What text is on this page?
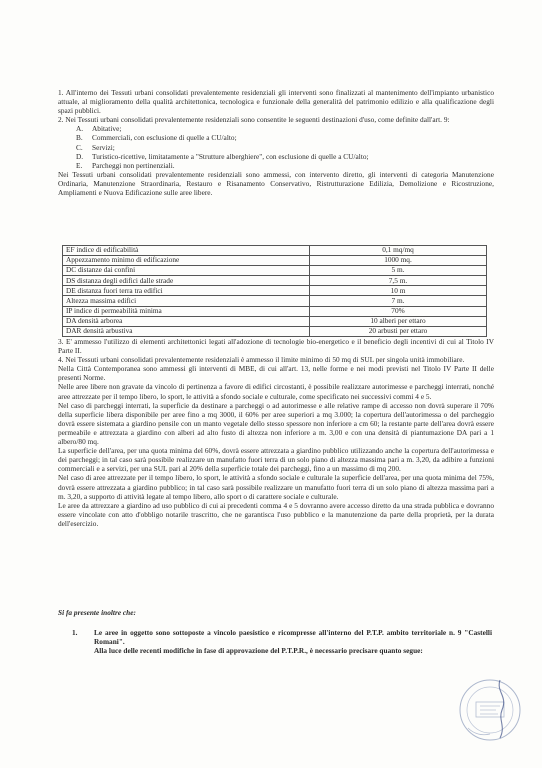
1. All'interno dei Tessuti urbani consolidati prevalentemente residenziali gli interventi sono finalizzati al mantenimento dell'impianto urbanistico attuale, al miglioramento della qualità architettonica, tecnologica e funzionale della generalità del patrimonio edilizio e alla qualificazione degli spazi pubblici.

2. Nei Tessuti urbani consolidati prevalentemente residenziali sono consentite le seguenti destinazioni d'uso, come definite dall'art. 9:

A.	Abitative;
B.	Commerciali, con esclusione di quelle a CU/alto;
C.	Servizi;
D.	Turistico-ricettive, limitatamente a "Strutture alberghiere", con esclusione di quelle a CU/alto;
E.	Parcheggi non pertinenziali.

Nei Tessuti urbani consolidati prevalentemente residenziali sono ammessi, con intervento diretto, gli interventi di categoria Manutenzione Ordinaria, Manutenzione Straordinaria, Restauro e Risanamento Conservativo, Ristrutturazione Edilizia, Demolizione e Ricostruzione, Ampliamenti e Nuova Edificazione sulle aree libere.

EF indice di edificabilità	0,1 mq/mq
Appezzamento minimo di edificazione	1000 mq.
DC distanze dai confini	5 m.
DS distanza degli edifici dalle strade	7,5 m.
DE distanza fuori terra tra edifici	10 m
Altezza massima edifici	7 m.
IP indice di permeabilità minima	70%
DA densità arborea	10 alberi per ettaro
DAR densità arbustiva	20 arbusti per ettaro

3. E' ammesso l'utilizzo di elementi architettonici legati all'adozione di tecnologie bio-energetico e il beneficio degli incentivi di cui al Titolo IV Parte II.

4. Nei Tessuti urbani consolidati prevalentemente residenziali è ammesso il limite minimo di 50 mq di SUL per singola unità immobiliare.

Nella Città Contemporanea sono ammessi gli interventi di MBE, di cui all'art. 13, nelle forme e nei modi previsti nel Titolo IV Parte II delle presenti Norme.

Nelle aree libere non gravate da vincolo di pertinenza a favore di edifici circostanti, è possibile realizzare autorimesse e parcheggi interrati, nonché aree attrezzate per il tempo libero, lo sport, le attività a sfondo sociale e culturale, come specificato nei successivi commi 4 e 5.

Nel caso di parcheggi interrati, la superficie da destinare a parcheggi o ad autorimesse e alle relative rampe di accesso non dovrà superare il 70% della superficie libera disponibile per aree fino a mq 3000, il 60% per aree superiori a mq 3.000; la copertura dell'autorimessa o del parcheggio dovrà essere sistemata a giardino pensile con un manto vegetale dello stesso spessore non inferiore a cm 60; la restante parte dell'area dovrà essere permeabile e attrezzata a giardino con alberi ad alto fusto di altezza non inferiore a m. 3,00 e con una densità di piantumazione DA pari a 1 albero/80 mq.

La superficie dell'area, per una quota minima del 60%, dovrà essere attrezzata a giardino pubblico utilizzando anche la copertura dell'autorimessa e dei parcheggi; in tal caso sarà possibile realizzare un manufatto fuori terra di un solo piano di altezza massima pari a m. 3,20, da adibire a funzioni commerciali e a servizi, per una SUL pari al 20% della superficie totale dei parcheggi, fino a un massimo di mq 200.

Nel caso di aree attrezzate per il tempo libero, lo sport, le attività a sfondo sociale e culturale la superficie dell'area, per una quota minima del 75%, dovrà essere attrezzata a giardino pubblico; in tal caso sarà possibile realizzare un manufatto fuori terra di un solo piano di altezza massima pari a m. 3,20, a supporto di attività legate al tempo libero, allo sport o di carattere sociale e culturale.

Le aree da attrezzare a giardino ad uso pubblico di cui ai precedenti comma 4 e 5 dovranno avere accesso diretto da una strada pubblica e dovranno essere vincolate con atto d'obbligo notarile trascritto, che ne garantisca l'uso pubblico e la manutenzione da parte della proprietà, per la durata dell'esercizio.

Si fa presente inoltre che:

1. Le aree in oggetto sono sottoposte a vincolo paesistico e ricompresse all'interno del P.T.P. ambito territoriale n. 9 "Castelli Romani".

Alla luce delle recenti modifiche in fase di approvazione del P.T.P.R., è necessario precisare quanto segue:
